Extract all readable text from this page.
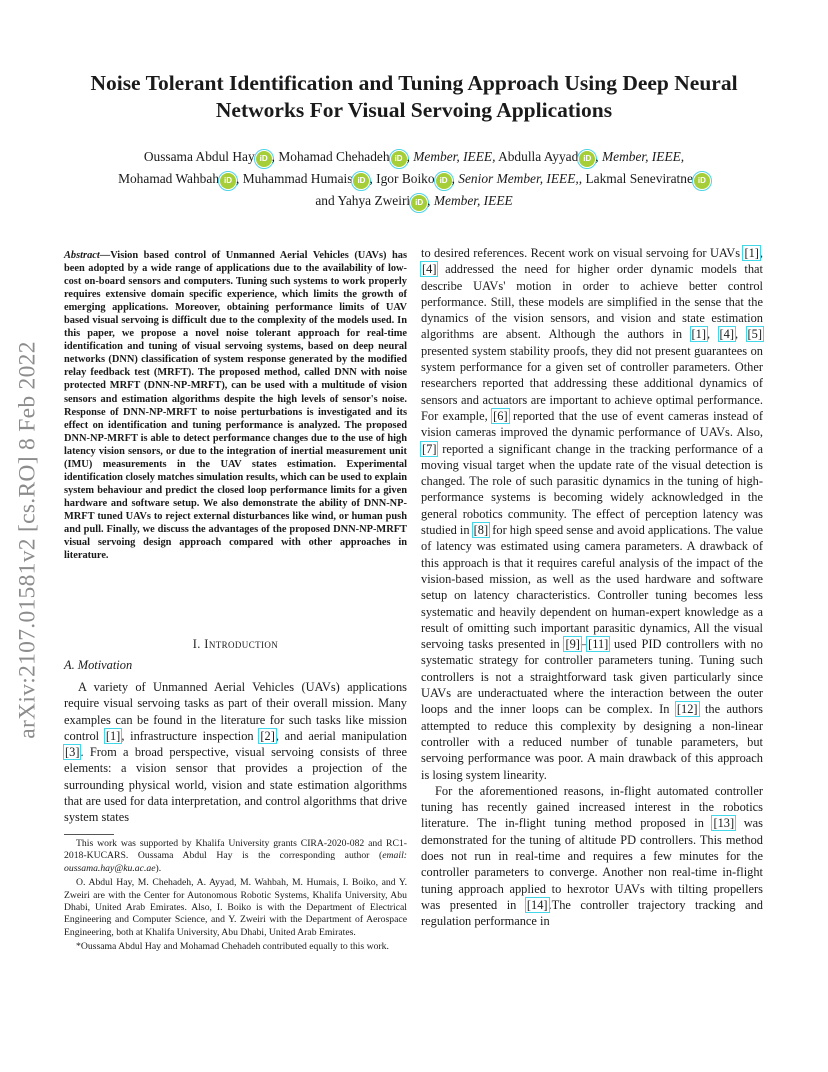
Noise Tolerant Identification and Tuning Approach Using Deep Neural Networks For Visual Servoing Applications
Oussama Abdul Hay iD , Mohamad Chehadeh iD , Member, IEEE, Abdulla Ayyad iD , Member, IEEE,
Mohamad Wahbah iD , Muhammad Humais iD , Igor Boiko iD , Senior Member, IEEE,, Lakmal Seneviratne iD
and Yahya Zweiri iD , Member, IEEE
arXiv:2107.01581v2 [cs.RO] 8 Feb 2022
Abstract—Vision based control of Unmanned Aerial Vehicles (UAVs) has been adopted by a wide range of applications due to the availability of low-cost on-board sensors and computers. Tuning such systems to work properly requires extensive domain specific experience, which limits the growth of emerging applications. Moreover, obtaining performance limits of UAV based visual servoing is difficult due to the complexity of the models used. In this paper, we propose a novel noise tolerant approach for real-time identification and tuning of visual servoing systems, based on deep neural networks (DNN) classification of system response generated by the modified relay feedback test (MRFT). The proposed method, called DNN with noise protected MRFT (DNN-NP-MRFT), can be used with a multitude of vision sensors and estimation algorithms despite the high levels of sensor's noise. Response of DNN-NP-MRFT to noise perturbations is investigated and its effect on identification and tuning performance is analyzed. The proposed DNN-NP-MRFT is able to detect performance changes due to the use of high latency vision sensors, or due to the integration of inertial measurement unit (IMU) measurements in the UAV states estimation. Experimental identification closely matches simulation results, which can be used to explain system behaviour and predict the closed loop performance limits for a given hardware and software setup. We also demonstrate the ability of DNN-NP-MRFT tuned UAVs to reject external disturbances like wind, or human push and pull. Finally, we discuss the advantages of the proposed DNN-NP-MRFT visual servoing design approach compared with other approaches in literature.
I. Introduction
A. Motivation

A variety of Unmanned Aerial Vehicles (UAVs) applications require visual servoing tasks as part of their overall mission. Many examples can be found in the literature for such tasks like mission control [1], infrastructure inspection [2], and aerial manipulation [3]. From a broad perspective, visual servoing consists of three elements: a vision sensor that provides a projection of the surrounding physical world, vision and state estimation algorithms that are used for data interpretation, and control algorithms that drive system states

This work was supported by Khalifa University grants CIRA-2020-082 and RC1-2018-KUCARS. Oussama Abdul Hay is the corresponding author (email: oussama.hay@ku.ac.ae).

O. Abdul Hay, M. Chehadeh, A. Ayyad, M. Wahbah, M. Humais, I. Boiko, and Y. Zweiri are with the Center for Autonomous Robotic Systems, Khalifa University, Abu Dhabi, United Arab Emirates. Also, I. Boiko is with the Department of Electrical Engineering and Computer Science, and Y. Zweiri with the Department of Aerospace Engineering, both at Khalifa University, Abu Dhabi, United Arab Emirates.

*Oussama Abdul Hay and Mohamad Chehadeh contributed equally to this work.

to desired references. Recent work on visual servoing for UAVs [1], [4] addressed the need for higher order dynamic models that describe UAVs' motion in order to achieve better control performance. Still, these models are simplified in the sense that the dynamics of the vision sensors, and vision and state estimation algorithms are absent. Although the authors in [1], [4], [5] presented system stability proofs, they did not present guarantees on system performance for a given set of controller parameters. Other researchers reported that addressing these additional dynamics of sensors and actuators are important to achieve optimal performance. For example, [6] reported that the use of event cameras instead of vision cameras improved the dynamic performance of UAVs. Also, [7] reported a significant change in the tracking performance of a moving visual target when the update rate of the visual detection is changed. The role of such parasitic dynamics in the tuning of high-performance systems is becoming widely acknowledged in the general robotics community. The effect of perception latency was studied in [8] for high speed sense and avoid applications. The value of latency was estimated using camera parameters. A drawback of this approach is that it requires careful analysis of the impact of the vision-based mission, as well as the used hardware and software setup on latency characteristics. Controller tuning becomes less systematic and heavily dependent on human-expert knowledge as a result of omitting such important parasitic dynamics, All the visual servoing tasks presented in [9]–[11] used PID controllers with no systematic strategy for controller parameters tuning. Tuning such controllers is not a straightforward task given particularly since UAVs are underactuated where the interaction between the outer loops and the inner loops can be complex. In [12] the authors attempted to reduce this complexity by designing a non-linear controller with a reduced number of tunable parameters, but servoing performance was poor. A main drawback of this approach is losing system linearity.

For the aforementioned reasons, in-flight automated controller tuning has recently gained increased interest in the robotics literature. The in-flight tuning method proposed in [13] was demonstrated for the tuning of altitude PD controllers. This method does not run in real-time and requires a few minutes for the controller parameters to converge. Another non real-time in-flight tuning approach applied to hexrotor UAVs with tilting propellers was presented in [14].The controller trajectory tracking and regulation performance in
